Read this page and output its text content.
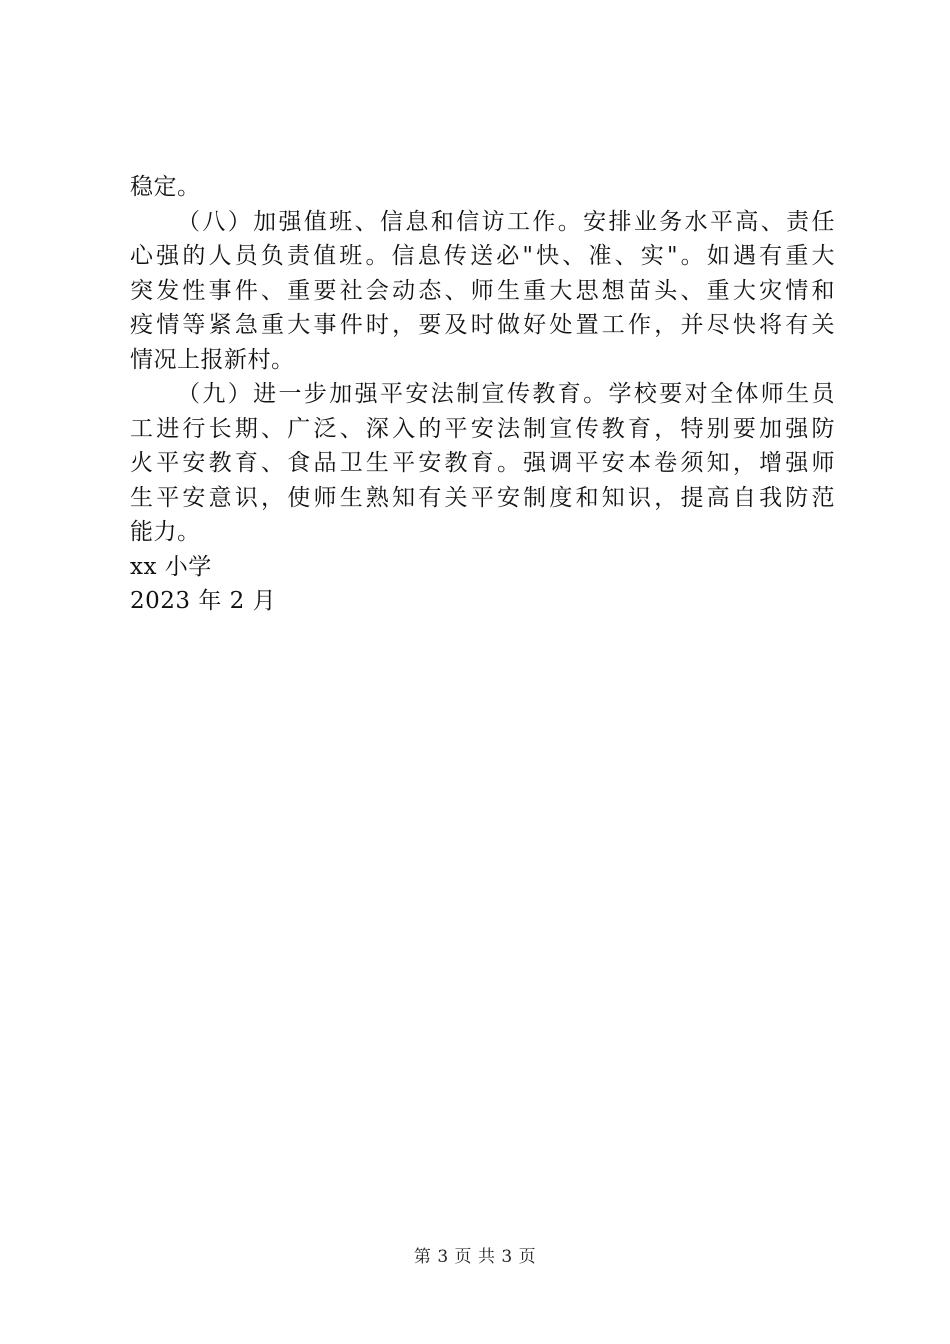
稳定。

（八）加强值班、信息和信访工作。安排业务水平高、责任
心强的人员负责值班。信息传送必"快、准、实"。如遇有重大
突发性事件、重要社会动态、师生重大思想苗头、重大灾情和
疫情等紧急重大事件时，要及时做好处置工作，并尽快将有关
情况上报新村。

（九）进一步加强平安法制宣传教育。学校要对全体师生员
工进行长期、广泛、深入的平安法制宣传教育，特别要加强防
火平安教育、食品卫生平安教育。强调平安本卷须知，增强师
生平安意识，使师生熟知有关平安制度和知识，提高自我防范
能力。

xx 小学

2023 年 2 月

第 3 页 共 3 页
